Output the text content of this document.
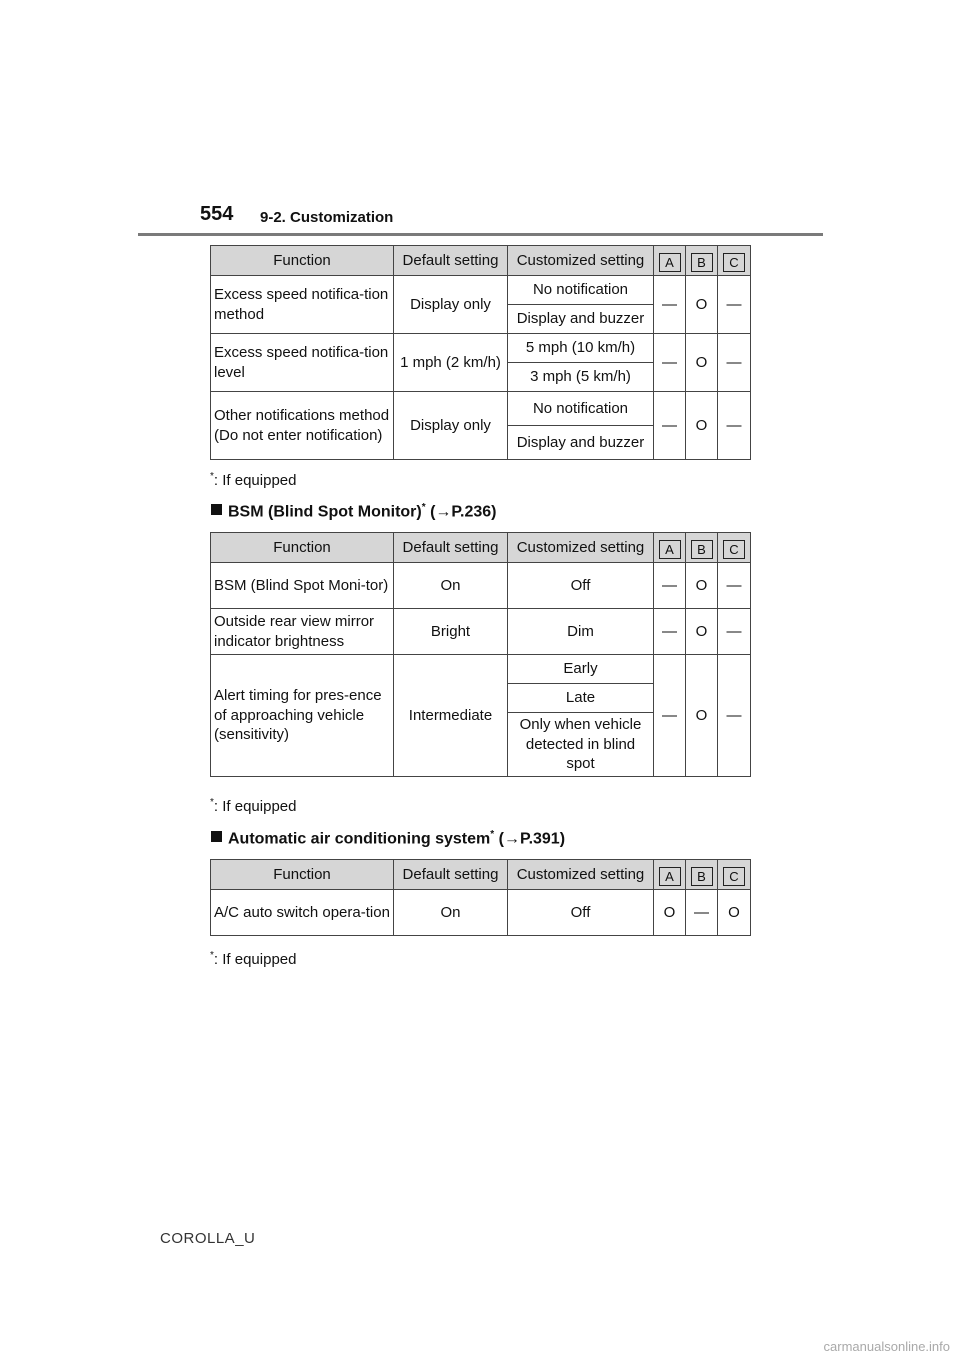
554 9-2. Customization
Function	Default setting	Customized setting	A	B	C
Excess speed notifica-tion method	Display only	No notification	—	O	—
		Display and buzzer			
Excess speed notifica-tion level	1 mph (2 km/h)	5 mph (10 km/h)	—	O	—
		3 mph (5 km/h)			
Other notifications method (Do not enter notification)	Display only	No notification	—	O	—
		Display and buzzer			
*: If equipped
BSM (Blind Spot Monitor)* (→P.236)
Function	Default setting	Customized setting	A	B	C
BSM (Blind Spot Moni-tor)	On	Off	—	O	—
Outside rear view mirror indicator brightness	Bright	Dim	—	O	—
Alert timing for pres-ence of approaching vehicle (sensitivity)	Intermediate	Early	—	O	—
		Late			
		Only when vehicle detected in blind spot			
*: If equipped
Automatic air conditioning system* (→P.391)
Function	Default setting	Customized setting	A	B	C
A/C auto switch opera-tion	On	Off	O	—	O
*: If equipped
COROLLA_U
carmanualsonline.info
